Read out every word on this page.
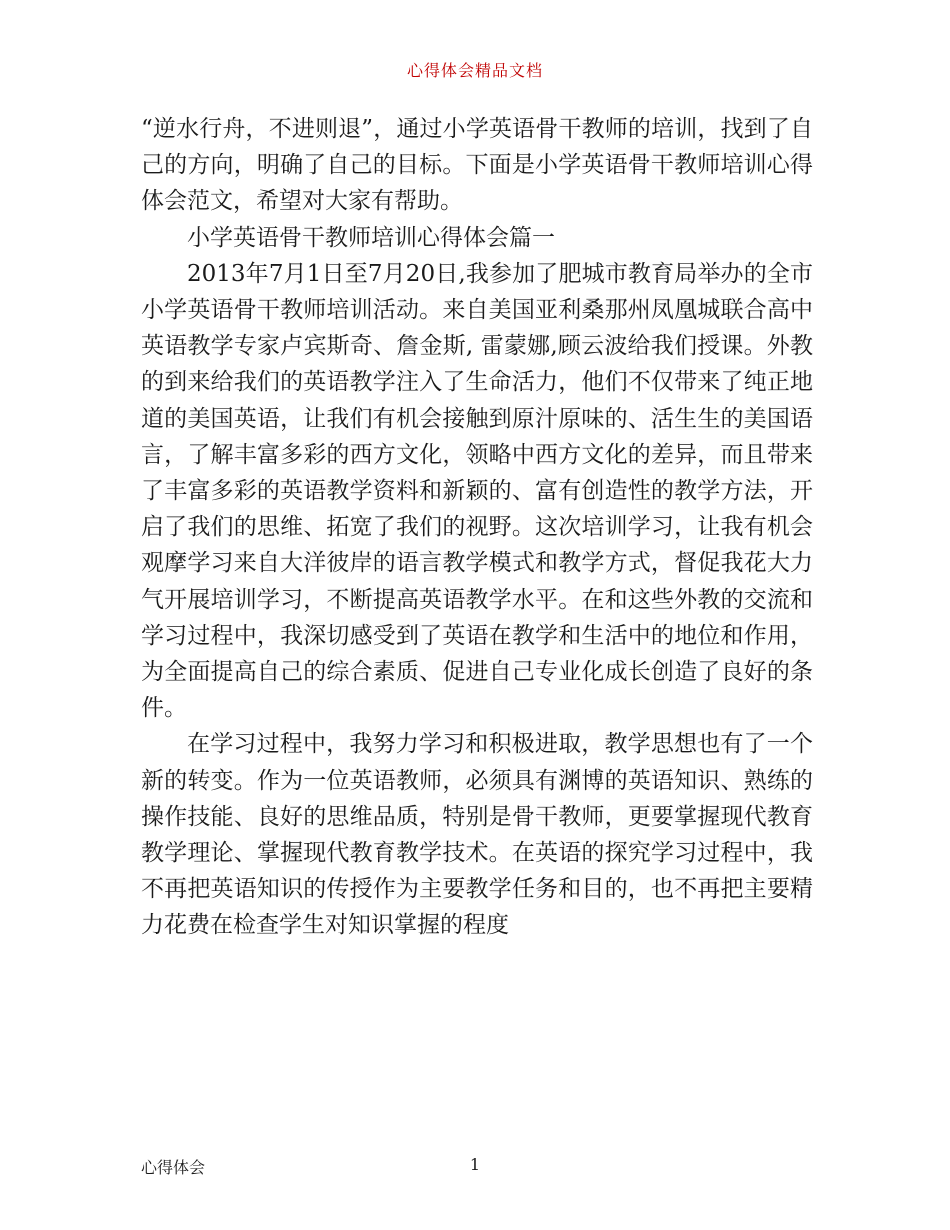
心得体会精品文档

“逆水行舟，不进则退”，通过小学英语骨干教师的培训，找到了自己的方向，明确了自己的目标。下面是小学英语骨干教师培训心得体会范文，希望对大家有帮助。

小学英语骨干教师培训心得体会篇一

2013年7月1日至7月20日,我参加了肥城市教育局举办的全市小学英语骨干教师培训活动。来自美国亚利桑那州凤凰城联合高中英语教学专家卢宾斯奇、詹金斯, 雷蒙娜,顾云波给我们授课。外教的到来给我们的英语教学注入了生命活力，他们不仅带来了纯正地道的美国英语，让我们有机会接触到原汁原味的、活生生的美国语言，了解丰富多彩的西方文化，领略中西方文化的差异，而且带来了丰富多彩的英语教学资料和新颖的、富有创造性的教学方法，开启了我们的思维、拓宽了我们的视野。这次培训学习，让我有机会观摩学习来自大洋彼岸的语言教学模式和教学方式，督促我花大力气开展培训学习，不断提高英语教学水平。在和这些外教的交流和学习过程中，我深切感受到了英语在教学和生活中的地位和作用，为全面提高自己的综合素质、促进自己专业化成长创造了良好的条件。

在学习过程中，我努力学习和积极进取，教学思想也有了一个新的转变。作为一位英语教师，必须具有渊博的英语知识、熟练的操作技能、良好的思维品质，特别是骨干教师，更要掌握现代教育教学理论、掌握现代教育教学技术。在英语的探究学习过程中，我不再把英语知识的传授作为主要教学任务和目的，也不再把主要精力花费在检查学生对知识掌握的程度

心得体会	1
